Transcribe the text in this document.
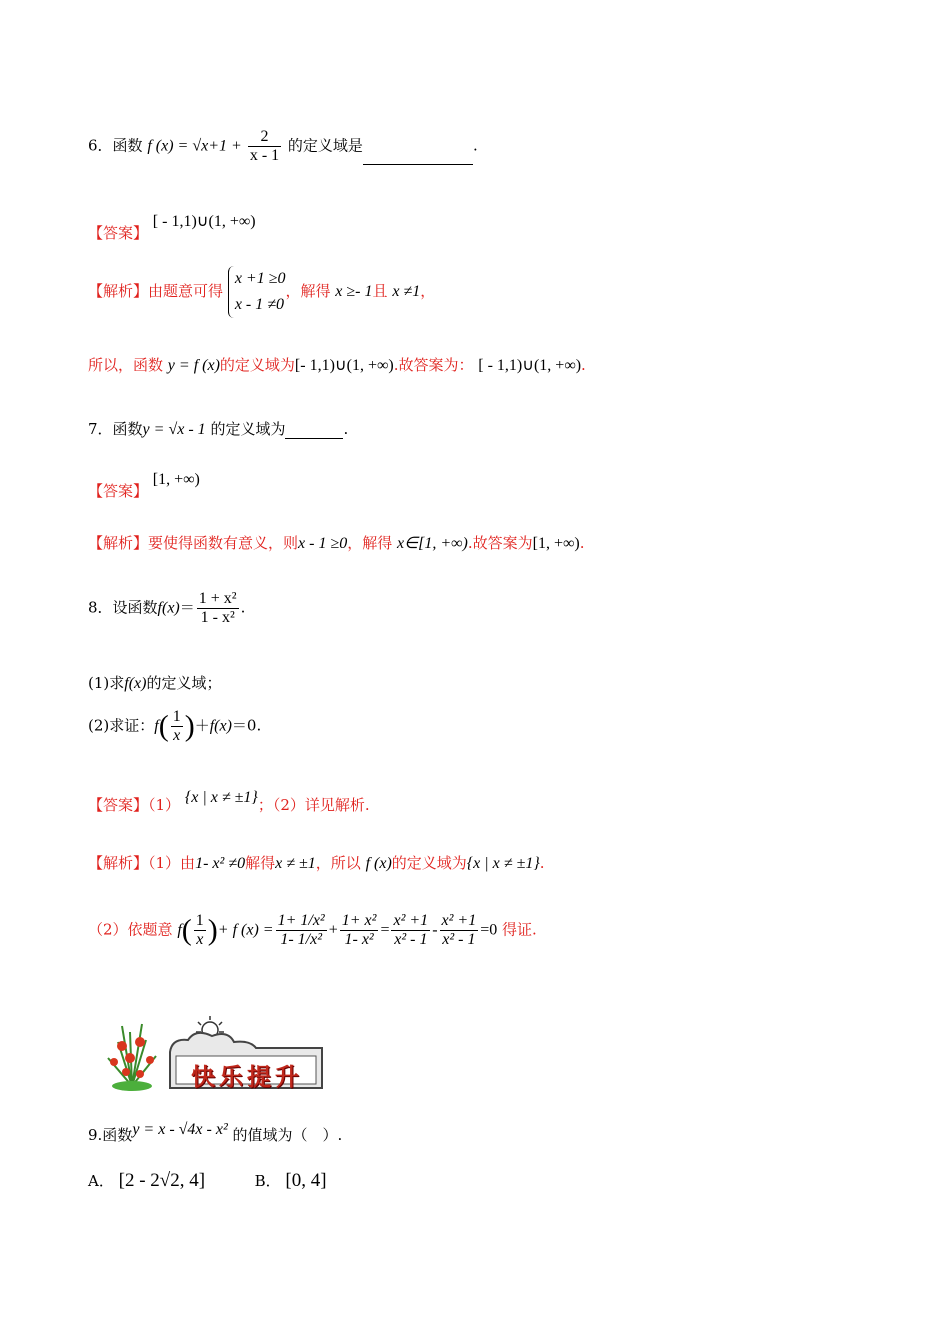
6．函数 f $(x) = √x+1 + \frac{2}{x - 1}$ 的定义域是	.
【答案】 [ - 1,1)∪(1, +∞)
【解析】由题意可得
x +1 ≥0
x - 1 ≠0
，解得 x ≥- 1且 x ≠1，
所以，函数 y = f (x)的定义域为[- 1,1)∪(1, +∞).故答案为： [ - 1,1)∪(1, +∞).
7．函数y = √x - 1 的定义域为	.
【答案】 [1, +∞)
【解析】要使得函数有意义，则x - 1 ≥0，解得 x∈[1, +∞).故答案为[1, +∞).
8．设函数$f(x)= \frac{\text{1 + x²}}{\text{1 - x²}}$ .
(1)求f(x)的定义域；
(2)求证：$f( \frac{1}{x} )+f(x)=0$.
【答案】（1） {x | x ≠ ±1}；（2）详见解析.
【解析】（1）由1- x² ≠0解得x ≠ ±1，所以 f (x)的定义域为{x | x ≠ ±1}.
（2）依题意 $f( \frac{1}{x}$ )+ f $(x) = \frac{\text{1+ 1/x²}}{\text{1- 1/x²}} + \frac{\text{1+ x²}}{\text{1- x²}} = \frac{\text{x² +1}}{\text{x² - 1}} - \frac{\text{x² +1}}{\text{x² - 1}} =0$ 得证.
快乐提升
9.函数y = x - √4x - x² 的值域为（　）.
A． [2 - 2√2, 4]	B． [0, 4]
